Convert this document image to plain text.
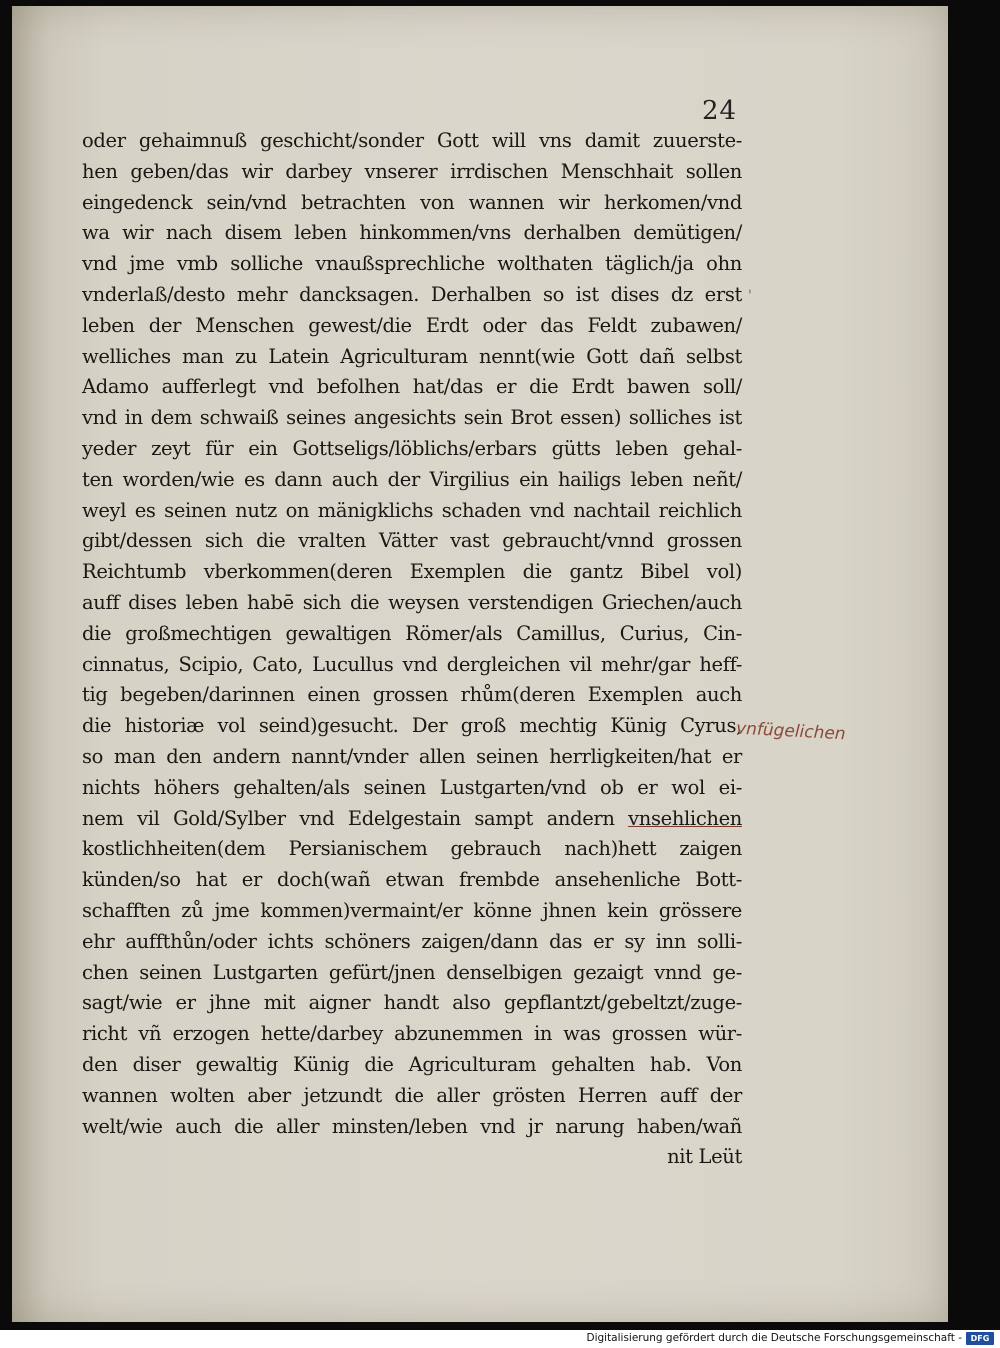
24
oder gehaimnuß geschicht/sonder Gott will vns damit zuuerste-
hen geben/das wir darbey vnserer irrdischen Menschhait sollen
eingedenck sein/vnd betrachten von wannen wir herkomen/vnd
wa wir nach disem leben hinkommen/vns derhalben demütigen/
vnd jme vmb solliche vnaußsprechliche wolthaten täglich/ja ohn
vnderlaß/desto mehr dancksagen. Derhalben so ist dises dz erst
leben der Menschen gewest/die Erdt oder das Feldt zubawen/
welliches man zu Latein Agriculturam nennt(wie Gott dañ selbst
Adamo aufferlegt vnd befolhen hat/das er die Erdt bawen soll/
vnd in dem schwaiß seines angesichts sein Brot essen) solliches ist
yeder zeyt für ein Gottseligs/löblichs/erbars gütts leben gehal-
ten worden/wie es dann auch der Virgilius ein hailigs leben neñt/
weyl es seinen nutz on mänigklichs schaden vnd nachtail reichlich
gibt/dessen sich die vralten Vätter vast gebraucht/vnnd grossen
Reichtumb vberkommen(deren Exemplen die gantz Bibel vol)
auff dises leben habē sich die weysen verstendigen Griechen/auch
die großmechtigen gewaltigen Römer/als Camillus, Curius, Cin-
cinnatus, Scipio, Cato, Lucullus vnd dergleichen vil mehr/gar heff-
tig begeben/darinnen einen grossen rhům(deren Exemplen auch
die historiæ vol seind)gesucht. Der groß mechtig Künig Cyrus,
so man den andern nannt/vnder allen seinen herrligkeiten/hat er
nichts höhers gehalten/als seinen Lustgarten/vnd ob er wol ei-
nem vil Gold/Sylber vnd Edelgestain sampt andern vnsehlichen
kostlichheiten(dem Persianischem gebrauch nach)hett zaigen
künden/so hat er doch(wañ etwan frembde ansehenliche Bott-
schafften zů jme kommen)vermaint/er könne jhnen kein grössere
ehr auffthůn/oder ichts schöners zaigen/dann das er sy inn solli-
chen seinen Lustgarten gefürt/jnen denselbigen gezaigt vnnd ge-
sagt/wie er jhne mit aigner handt also gepflantzt/gebeltzt/zuge-
richt vñ erzogen hette/darbey abzunemmen in was grossen wür-
den diser gewaltig Künig die Agriculturam gehalten hab. Von
wannen wolten aber jetzundt die aller grösten Herren auff der
welt/wie auch die aller minsten/leben vnd jr narung haben/wañ
nit Leüt
'
vnfügelichen
Digitalisierung gefördert durch die Deutsche Forschungsgemeinschaft -	DFG
